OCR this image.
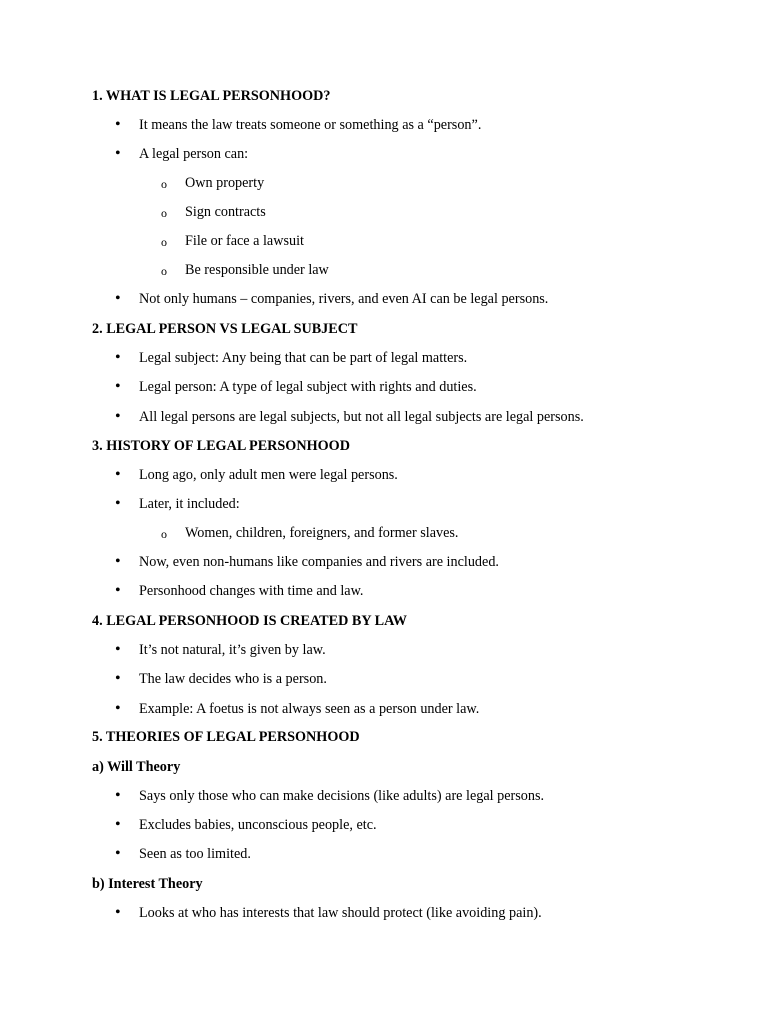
1. WHAT IS LEGAL PERSONHOOD?
• It means the law treats someone or something as a “person”.
• A legal person can:
o Own property
o Sign contracts
o File or face a lawsuit
o Be responsible under law
• Not only humans – companies, rivers, and even AI can be legal persons.
2. LEGAL PERSON VS LEGAL SUBJECT
• Legal subject: Any being that can be part of legal matters.
• Legal person: A type of legal subject with rights and duties.
• All legal persons are legal subjects, but not all legal subjects are legal persons.
3. HISTORY OF LEGAL PERSONHOOD
• Long ago, only adult men were legal persons.
• Later, it included:
o Women, children, foreigners, and former slaves.
• Now, even non-humans like companies and rivers are included.
• Personhood changes with time and law.
4. LEGAL PERSONHOOD IS CREATED BY LAW
• It’s not natural, it’s given by law.
• The law decides who is a person.
• Example: A foetus is not always seen as a person under law.
5. THEORIES OF LEGAL PERSONHOOD
a) Will Theory
• Says only those who can make decisions (like adults) are legal persons.
• Excludes babies, unconscious people, etc.
• Seen as too limited.
b) Interest Theory
• Looks at who has interests that law should protect (like avoiding pain).
